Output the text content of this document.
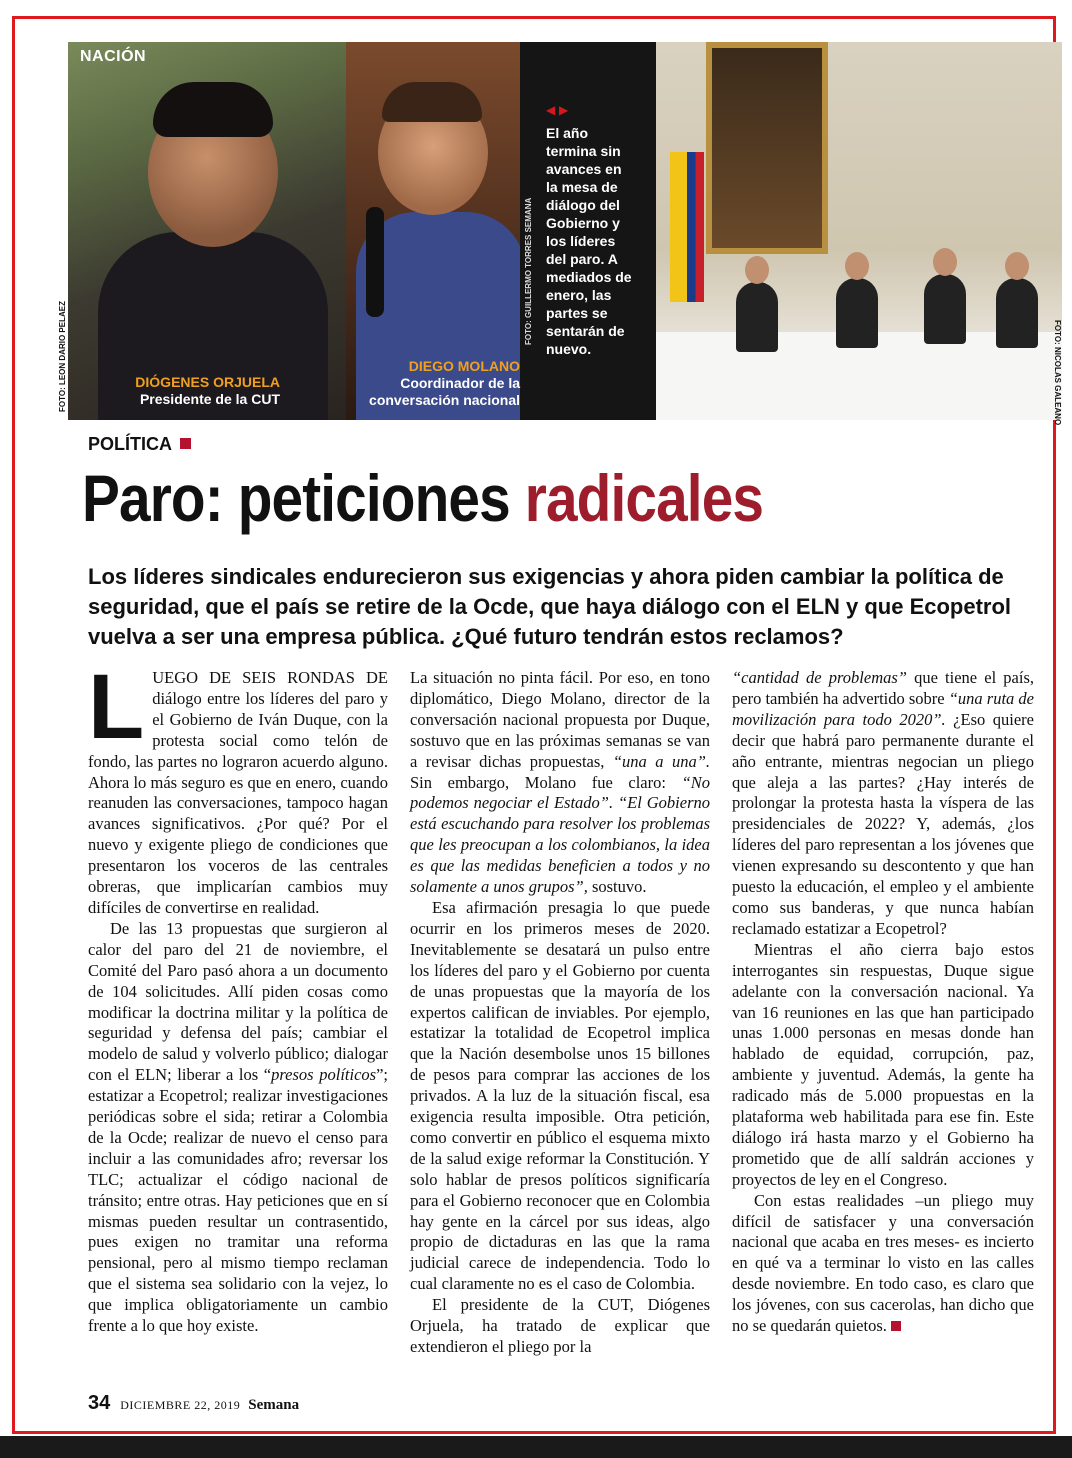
NACIÓN
DIÓGENES ORJUELA
Presidente de la CUT
DIEGO MOLANO
Coordinador de la
conversación nacional
FOTO: LEON DARIO PELAEZ
FOTO: GUILLERMO TORRES SEMANA
FOTO: NICOLAS GALEANO
◀ ▶
El año termina sin avances en la mesa de diálogo del Gobierno y los líderes del paro. A mediados de enero, las partes se sentarán de nuevo.
POLÍTICA
Paro: peticiones radicales
Los líderes sindicales endurecieron sus exigencias y ahora piden cambiar la política de seguridad, que el país se retire de la Ocde, que haya diálogo con el ELN y que Ecopetrol vuelva a ser una empresa pública. ¿Qué futuro tendrán estos reclamos?

LUEGO DE SEIS RONDAS DE diálogo entre los líderes del paro y el Gobierno de Iván Duque, con la protesta social como telón de fondo, las partes no lograron acuerdo alguno. Ahora lo más seguro es que en enero, cuando reanuden las conversaciones, tampoco hagan avances significativos. ¿Por qué? Por el nuevo y exigente pliego de condiciones que presentaron los voceros de las centrales obreras, que implicarían cambios muy difíciles de convertirse en realidad.

De las 13 propuestas que surgieron al calor del paro del 21 de noviembre, el Comité del Paro pasó ahora a un documento de 104 solicitudes. Allí piden cosas como modificar la doctrina militar y la política de seguridad y defensa del país; cambiar el modelo de salud y volverlo público; dialogar con el ELN; liberar a los “presos políticos”; estatizar a Ecopetrol; realizar investigaciones periódicas sobre el sida; retirar a Colombia de la Ocde; realizar de nuevo el censo para incluir a las comunidades afro; reversar los TLC; actualizar el código nacional de tránsito; entre otras. Hay peticiones que en sí mismas pueden resultar un contrasentido, pues exigen no tramitar una reforma pensional, pero al mismo tiempo reclaman que el sistema sea solidario con la vejez, lo que implica obligatoriamente un cambio frente a lo que hoy existe.

La situación no pinta fácil. Por eso, en tono diplomático, Diego Molano, director de la conversación nacional propuesta por Duque, sostuvo que en las próximas semanas se van a revisar dichas propuestas, “una a una”. Sin embargo, Molano fue claro: “No podemos negociar el Estado”. “El Gobierno está escuchando para resolver los problemas que les preocupan a los colombianos, la idea es que las medidas beneficien a todos y no solamente a unos grupos”, sostuvo.

Esa afirmación presagia lo que puede ocurrir en los primeros meses de 2020. Inevitablemente se desatará un pulso entre los líderes del paro y el Gobierno por cuenta de unas propuestas que la mayoría de los expertos califican de inviables. Por ejemplo, estatizar la totalidad de Ecopetrol implica que la Nación desembolse unos 15 billones de pesos para comprar las acciones de los privados. A la luz de la situación fiscal, esa exigencia resulta imposible. Otra petición, como convertir en público el esquema mixto de la salud exige reformar la Constitución. Y solo hablar de presos políticos significaría para el Gobierno reconocer que en Colombia hay gente en la cárcel por sus ideas, algo propio de dictaduras en las que la rama judicial carece de independencia. Todo lo cual claramente no es el caso de Colombia.

El presidente de la CUT, Diógenes Orjuela, ha tratado de explicar que extendieron el pliego por la

“cantidad de problemas” que tiene el país, pero también ha advertido sobre “una ruta de movilización para todo 2020”. ¿Eso quiere decir que habrá paro permanente durante el año entrante, mientras negocian un pliego que aleja a las partes? ¿Hay interés de prolongar la protesta hasta la víspera de las presidenciales de 2022? Y, además, ¿los líderes del paro representan a los jóvenes que vienen expresando su descontento y que han puesto la educación, el empleo y el ambiente como sus banderas, y que nunca habían reclamado estatizar a Ecopetrol?

Mientras el año cierra bajo estos interrogantes sin respuestas, Duque sigue adelante con la conversación nacional. Ya van 16 reuniones en las que han participado unas 1.000 personas en mesas donde han hablado de equidad, corrupción, paz, ambiente y juventud. Además, la gente ha radicado más de 5.000 propuestas en la plataforma web habilitada para ese fin. Este diálogo irá hasta marzo y el Gobierno ha prometido que de allí saldrán acciones y proyectos de ley en el Congreso.

Con estas realidades –un pliego muy difícil de satisfacer y una conversación nacional que acaba en tres meses- es incierto en qué va a terminar lo visto en las calles desde noviembre. En todo caso, es claro que los jóvenes, con sus cacerolas, han dicho que no se quedarán quietos.

34 DICIEMBRE 22, 2019 Semana
